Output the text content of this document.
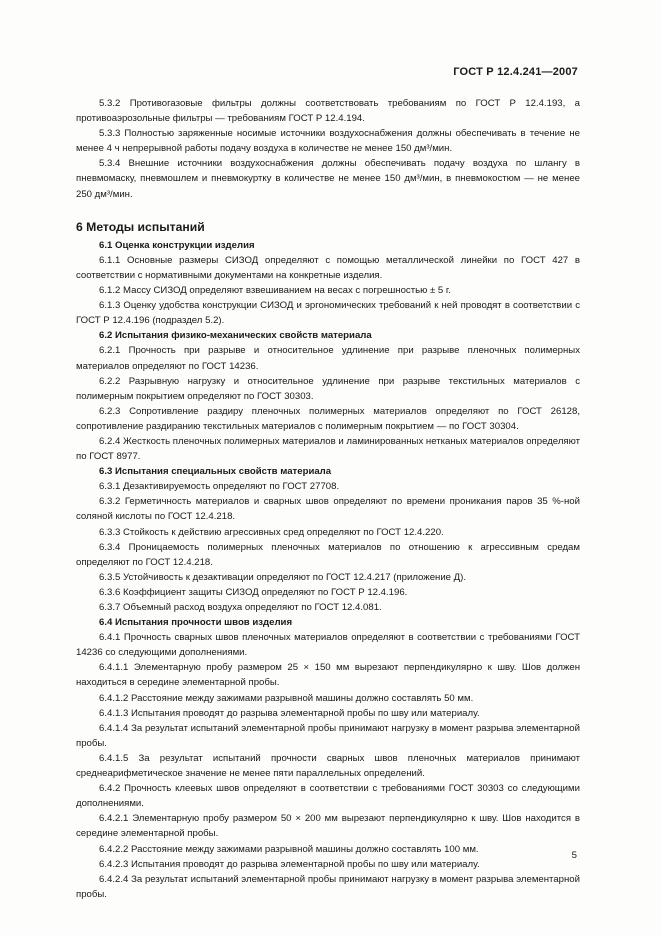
ГОСТ Р 12.4.241—2007

5.3.2 Противогазовые фильтры должны соответствовать требованиям по ГОСТ Р 12.4.193, а противоаэрозольные фильтры — требованиям ГОСТ Р 12.4.194.

5.3.3 Полностью заряженные носимые источники воздухоснабжения должны обеспечивать в течение не менее 4 ч непрерывной работы подачу воздуха в количестве не менее 150 дм³/мин.

5.3.4 Внешние источники воздухоснабжения должны обеспечивать подачу воздуха по шлангу в пневмомаску, пневмошлем и пневмокуртку в количестве не менее 150 дм³/мин, в пневмокостюм — не менее 250 дм³/мин.

6 Методы испытаний

6.1 Оценка конструкции изделия

6.1.1 Основные размеры СИЗОД определяют с помощью металлической линейки по ГОСТ 427 в соответствии с нормативными документами на конкретные изделия.

6.1.2 Массу СИЗОД определяют взвешиванием на весах с погрешностью ± 5 г.

6.1.3 Оценку удобства конструкции СИЗОД и эргономических требований к ней проводят в соответствии с ГОСТ Р 12.4.196 (подраздел 5.2).

6.2 Испытания физико-механических свойств материала

6.2.1 Прочность при разрыве и относительное удлинение при разрыве пленочных полимерных материалов определяют по ГОСТ 14236.

6.2.2 Разрывную нагрузку и относительное удлинение при разрыве текстильных материалов с полимерным покрытием определяют по ГОСТ 30303.

6.2.3 Сопротивление раздиру пленочных полимерных материалов определяют по ГОСТ 26128, сопротивление раздиранию текстильных материалов с полимерным покрытием — по ГОСТ 30304.

6.2.4 Жесткость пленочных полимерных материалов и ламинированных нетканых материалов определяют по ГОСТ 8977.

6.3 Испытания специальных свойств материала

6.3.1 Дезактивируемость определяют по ГОСТ 27708.

6.3.2 Герметичность материалов и сварных швов определяют по времени проникания паров 35 %-ной соляной кислоты по ГОСТ 12.4.218.

6.3.3 Стойкость к действию агрессивных сред определяют по ГОСТ 12.4.220.

6.3.4 Проницаемость полимерных пленочных материалов по отношению к агрессивным средам определяют по ГОСТ 12.4.218.

6.3.5 Устойчивость к дезактивации определяют по ГОСТ 12.4.217 (приложение Д).

6.3.6 Коэффициент защиты СИЗОД определяют по ГОСТ Р 12.4.196.

6.3.7 Объемный расход воздуха определяют по ГОСТ 12.4.081.

6.4 Испытания прочности швов изделия

6.4.1 Прочность сварных швов пленочных материалов определяют в соответствии с требованиями ГОСТ 14236 со следующими дополнениями.

6.4.1.1 Элементарную пробу размером 25 × 150 мм вырезают перпендикулярно к шву. Шов должен находиться в середине элементарной пробы.

6.4.1.2 Расстояние между зажимами разрывной машины должно составлять 50 мм.

6.4.1.3 Испытания проводят до разрыва элементарной пробы по шву или материалу.

6.4.1.4 За результат испытаний элементарной пробы принимают нагрузку в момент разрыва элементарной пробы.

6.4.1.5 За результат испытаний прочности сварных швов пленочных материалов принимают среднеарифметическое значение не менее пяти параллельных определений.

6.4.2 Прочность клеевых швов определяют в соответствии с требованиями ГОСТ 30303 со следующими дополнениями.

6.4.2.1 Элементарную пробу размером 50 × 200 мм вырезают перпендикулярно к шву. Шов находится в середине элементарной пробы.

6.4.2.2 Расстояние между зажимами разрывной машины должно составлять 100 мм.

6.4.2.3 Испытания проводят до разрыва элементарной пробы по шву или материалу.

6.4.2.4 За результат испытаний элементарной пробы принимают нагрузку в момент разрыва элементарной пробы.

5
